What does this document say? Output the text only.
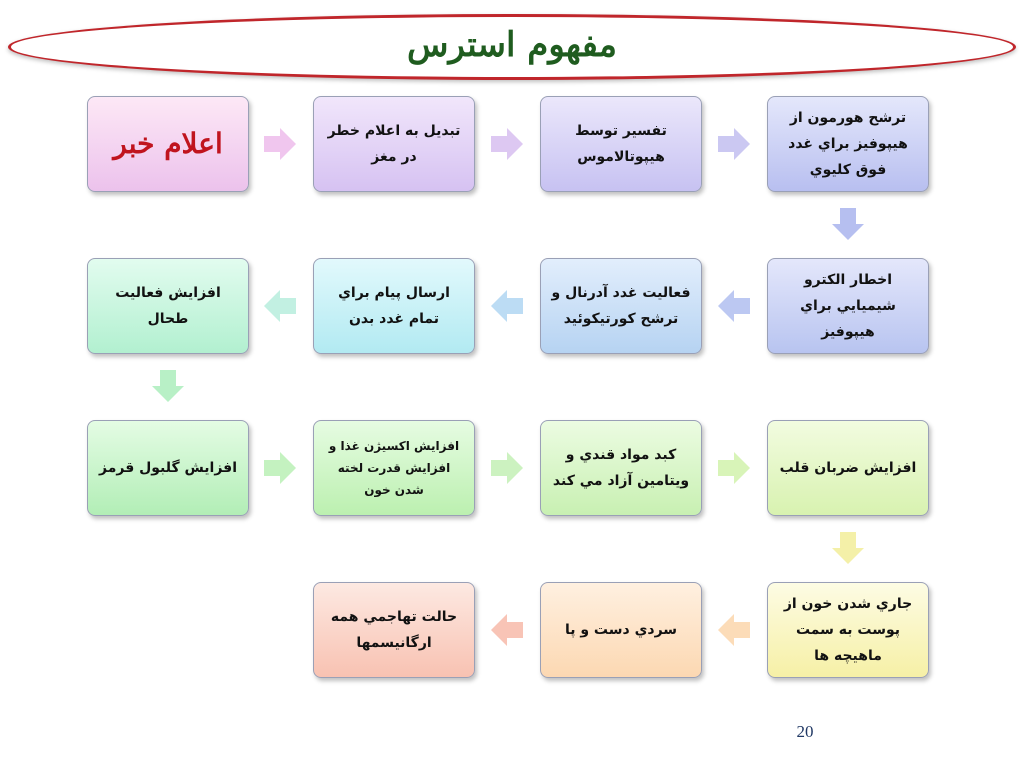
مفهوم استرس
اعلام خبر	تبديل به اعلام خطر در مغز
تفسير توسط هيپوتالاموس
ترشح هورمون از هيپوفيز براي غدد فوق كليوي
افزايش فعاليت طحال
ارسال پيام براي تمام غدد بدن
فعاليت غدد آدرنال و ترشح كورتيكوئيد
اخطار الكترو شيميايي براي هيپوفيز
افزايش گلبول قرمز
افزايش اكسيژن غذا و افزايش قدرت لخته شدن خون
كبد مواد قندي و ويتامين آزاد مي كند
افزايش ضربان قلب
حالت تهاجمي همه ارگانيسمها
سردي دست و پا
جاري شدن خون از پوست به سمت ماهيچه ها
20
